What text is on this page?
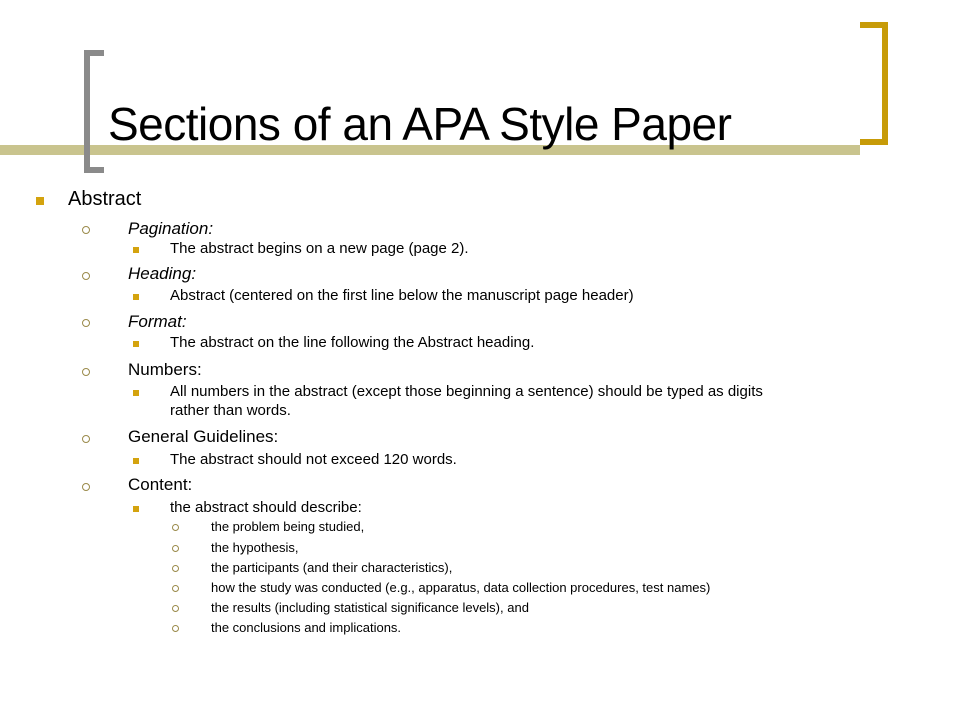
Sections of an APA Style Paper
Abstract
Pagination:
The abstract begins on a new page (page 2).
Heading:
Abstract (centered on the first line below the manuscript page header)
Format:
The abstract on the line following the Abstract heading.
Numbers:
All numbers in the abstract (except those beginning a sentence) should be typed as digits
rather than words.
General Guidelines:
The abstract should not exceed 120 words.
Content:
the abstract should describe:
the problem being studied,
the hypothesis,
the participants (and their characteristics),
how the study was conducted (e.g., apparatus, data collection procedures, test names)
the results (including statistical significance levels), and
the conclusions and implications.
